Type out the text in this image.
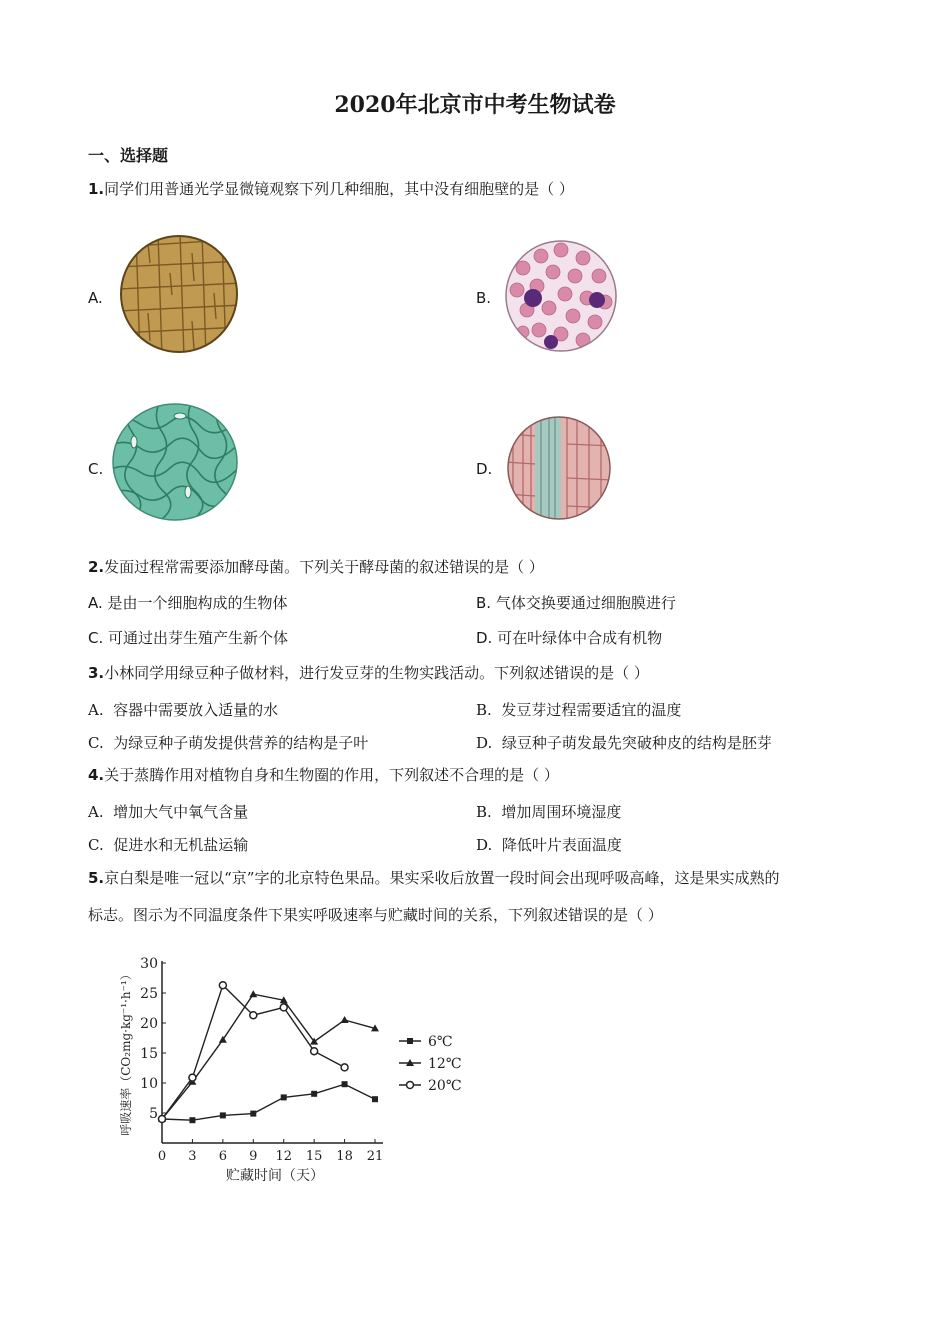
2020年北京市中考生物试卷
一、选择题
1.同学们用普通光学显微镜观察下列几种细胞，其中没有细胞壁的是（ ）
A.	B.
C.	D.
2.发面过程常需要添加酵母菌。下列关于酵母菌的叙述错误的是（ ）
A. 是由一个细胞构成的生物体	B. 气体交换要通过细胞膜进行
C. 可通过出芽生殖产生新个体	D. 可在叶绿体中合成有机物
3.小林同学用绿豆种子做材料，进行发豆芽的生物实践活动。下列叙述错误的是（ ）
A. 容器中需要放入适量的水	B. 发豆芽过程需要适宜的温度
C. 为绿豆种子萌发提供营养的结构是子叶	D. 绿豆种子萌发最先突破种皮的结构是胚芽
4.关于蒸腾作用对植物自身和生物圈的作用，下列叙述不合理的是（ ）
A. 增加大气中氧气含量	B. 增加周围环境湿度
C. 促进水和无机盐运输	D. 降低叶片表面温度
5.京白梨是唯一冠以“京”字的北京特色果品。果实采收后放置一段时间会出现呼吸高峰，这是果实成熟的
标志。图示为不同温度条件下果实呼吸速率与贮藏时间的关系，下列叙述错误的是（ ）
0 3 6 9 12 15 18 21
5
10
15
20
25
30
6℃
12℃
20℃
贮藏时间（天）
呼吸速率（CO₂mg·kg⁻¹·h⁻¹）
